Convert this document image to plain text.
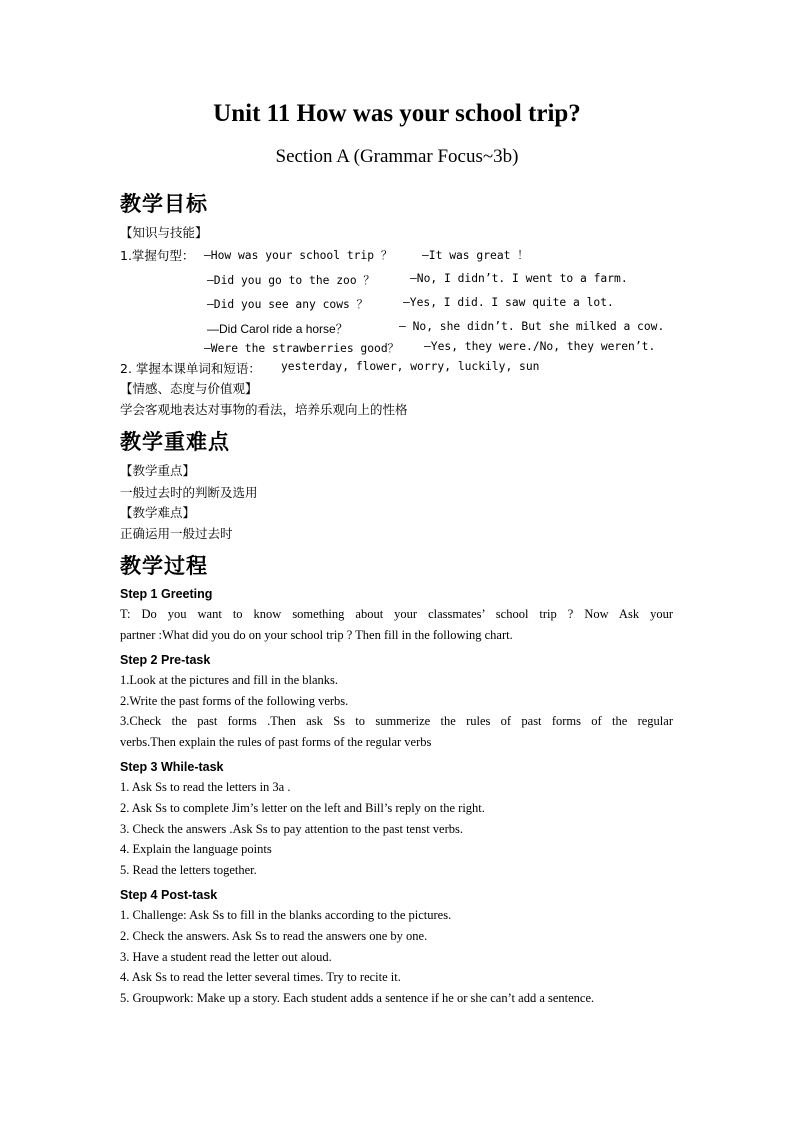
Unit 11 How was your school trip?
Section A (Grammar Focus~3b)
教学目标
【知识与技能】
1.掌握句型： —How was your school trip ？	—It was great ！
—Did you go to the zoo ？	—No, I didn’t. I went to a farm.
—Did you see any cows ？	—Yes, I did. I saw quite a lot.
—Did Carol ride a horse？	— No, she didn’t. But she milked a cow.
—Were the strawberries good？ —Yes, they were./No, they weren’t.
2. 掌握本课单词和短语： yesterday, flower, worry, luckily, sun
【情感、态度与价值观】
学会客观地表达对事物的看法，培养乐观向上的性格
教学重难点
【教学重点】
一般过去时的判断及选用
【教学难点】
正确运用一般过去时
教学过程
Step 1 Greeting
T: Do you want to know something about your classmates’ school trip ? Now Ask your
partner :What did you do on your school trip ? Then fill in the following chart.
Step 2 Pre-task
1.Look at the pictures and fill in the blanks.
2.Write the past forms of the following verbs.
3.Check the past forms .Then ask Ss to summerize the rules of past forms of the regular
verbs.Then explain the rules of past forms of the regular verbs
Step 3 While-task
1. Ask Ss to read the letters in 3a .
2. Ask Ss to complete Jim’s letter on the left and Bill’s reply on the right.
3. Check the answers .Ask Ss to pay attention to the past tenst verbs.
4. Explain the language points
5. Read the letters together.
Step 4 Post-task
1. Challenge: Ask Ss to fill in the blanks according to the pictures.
2. Check the answers. Ask Ss to read the answers one by one.
3. Have a student read the letter out aloud.
4. Ask Ss to read the letter several times. Try to recite it.
5. Groupwork: Make up a story. Each student adds a sentence if he or she can’t add a sentence.
